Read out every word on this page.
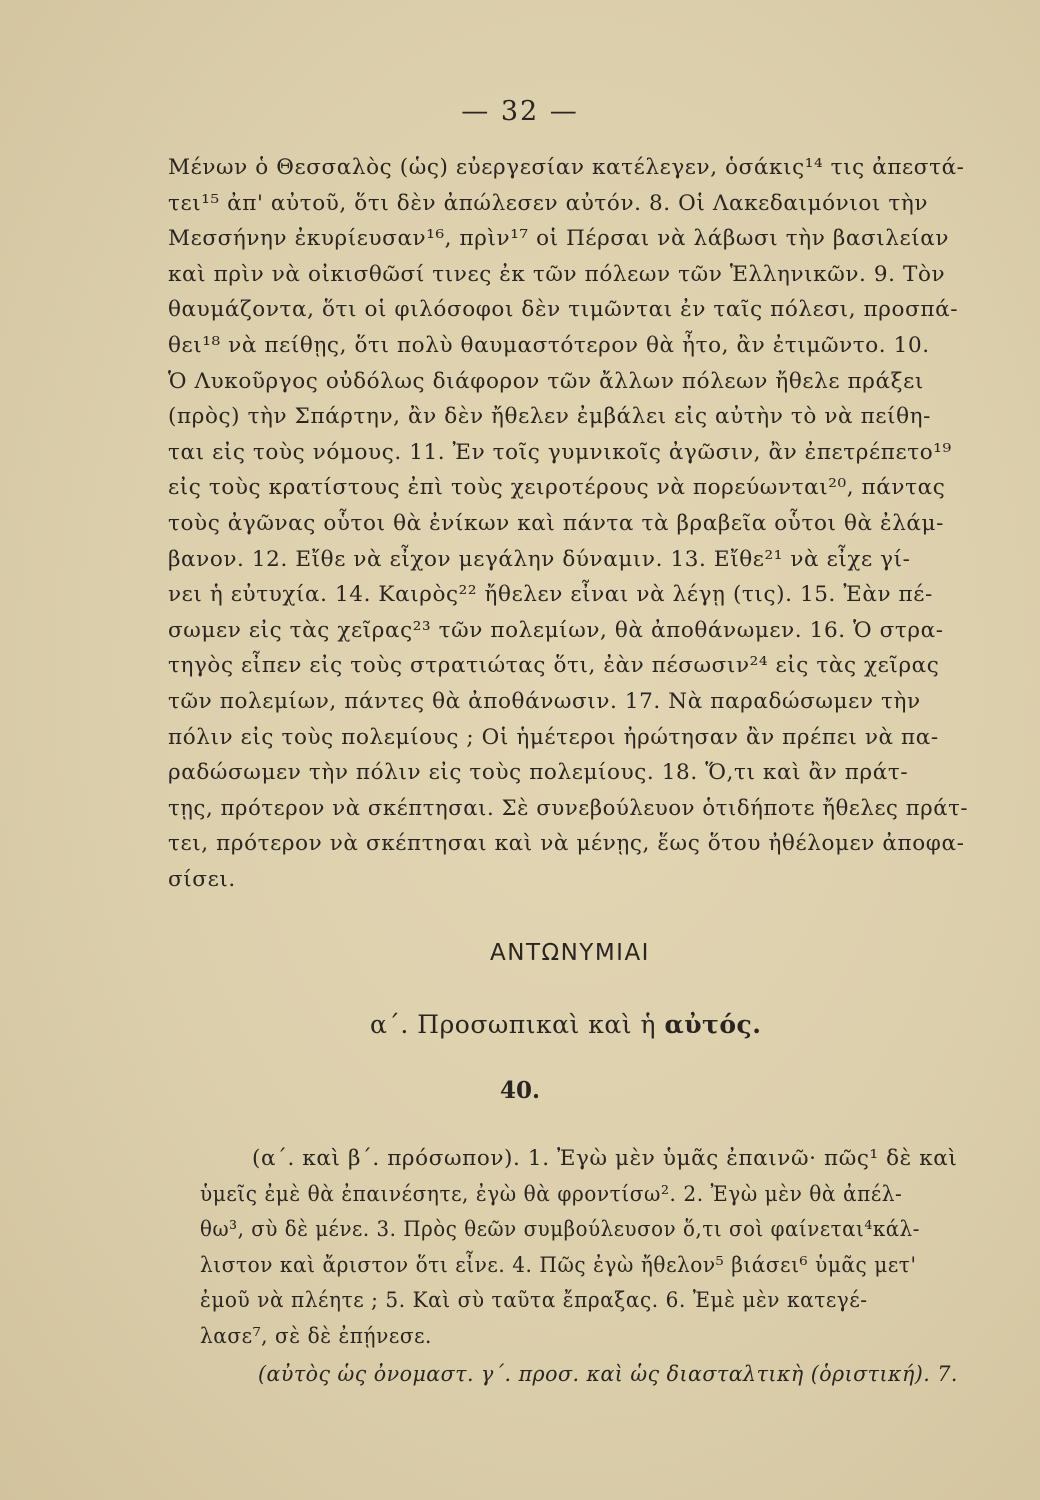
— 32 —
Μένων ὁ Θεσσαλὸς (ὡς) εὐεργεσίαν κατέλεγεν, ὁσάκις¹⁴ τις ἀπεστά-
τει¹⁵ ἀπ' αὐτοῦ, ὅτι δὲν ἀπώλεσεν αὐτόν. 8. Οἱ Λακεδαιμόνιοι τὴν
Μεσσήνην ἐκυρίευσαν¹⁶, πρὶν¹⁷ οἱ Πέρσαι νὰ λάβωσι τὴν βασιλείαν
καὶ πρὶν νὰ οἰκισθῶσί τινες ἐκ τῶν πόλεων τῶν Ἑλληνικῶν. 9. Τὸν
θαυμάζοντα, ὅτι οἱ φιλόσοφοι δὲν τιμῶνται ἐν ταῖς πόλεσι, προσπά-
θει¹⁸ νὰ πείθῃς, ὅτι πολὺ θαυμαστότερον θὰ ἦτο, ἂν ἐτιμῶντο. 10.
Ὁ Λυκοῦργος οὐδόλως διάφορον τῶν ἄλλων πόλεων ἤθελε πράξει
(πρὸς) τὴν Σπάρτην, ἂν δὲν ἤθελεν ἐμβάλει εἰς αὐτὴν τὸ νὰ πείθη-
ται εἰς τοὺς νόμους. 11. Ἐν τοῖς γυμνικοῖς ἀγῶσιν, ἂν ἐπετρέπετο¹⁹
εἰς τοὺς κρατίστους ἐπὶ τοὺς χειροτέρους νὰ πορεύωνται²⁰, πάντας
τοὺς ἀγῶνας οὗτοι θὰ ἐνίκων καὶ πάντα τὰ βραβεῖα οὗτοι θὰ ἐλάμ-
βανον. 12. Εἴθε νὰ εἶχον μεγάλην δύναμιν. 13. Εἴθε²¹ νὰ εἶχε γί-
νει ἡ εὐτυχία. 14. Καιρὸς²² ἤθελεν εἶναι νὰ λέγῃ (τις). 15. Ἐὰν πέ-
σωμεν εἰς τὰς χεῖρας²³ τῶν πολεμίων, θὰ ἀποθάνωμεν. 16. Ὁ στρα-
τηγὸς εἶπεν εἰς τοὺς στρατιώτας ὅτι, ἐὰν πέσωσιν²⁴ εἰς τὰς χεῖρας
τῶν πολεμίων, πάντες θὰ ἀποθάνωσιν. 17. Νὰ παραδώσωμεν τὴν
πόλιν εἰς τοὺς πολεμίους ; Οἱ ἡμέτεροι ἠρώτησαν ἂν πρέπει νὰ πα-
ραδώσωμεν τὴν πόλιν εἰς τοὺς πολεμίους. 18. Ὅ,τι καὶ ἂν πράτ-
τῃς, πρότερον νὰ σκέπτησαι. Σὲ συνεβούλευον ὁτιδήποτε ἤθελες πράτ-
τει, πρότερον νὰ σκέπτησαι καὶ νὰ μένῃς, ἕως ὅτου ἠθέλομεν ἀποφα-
σίσει.
ΑΝΤΩΝΥΜΙΑΙ
α΄. Προσωπικαὶ καὶ ἡ αὐτός.
40.
(α΄. καὶ β΄. πρόσωπον). 1. Ἐγὼ μὲν ὑμᾶς ἐπαινῶ· πῶς¹ δὲ καὶ
ὑμεῖς ἐμὲ θὰ ἐπαινέσητε, ἐγὼ θὰ φροντίσω². 2. Ἐγὼ μὲν θὰ ἀπέλ-
θω³, σὺ δὲ μένε. 3. Πρὸς θεῶν συμβούλευσον ὅ,τι σοὶ φαίνεται⁴κάλ-
λιστον καὶ ἄριστον ὅτι εἶνε. 4. Πῶς ἐγὼ ἤθελον⁵ βιάσει⁶ ὑμᾶς μετ'
ἐμοῦ νὰ πλέητε ; 5. Καὶ σὺ ταῦτα ἔπραξας. 6. Ἐμὲ μὲν κατεγέ-
λασε⁷, σὲ δὲ ἐπῄνεσε.
(αὐτὸς ὡς ὀνομαστ. γ΄. προσ. καὶ ὡς διασταλτικὴ (ὁριστική). 7.
